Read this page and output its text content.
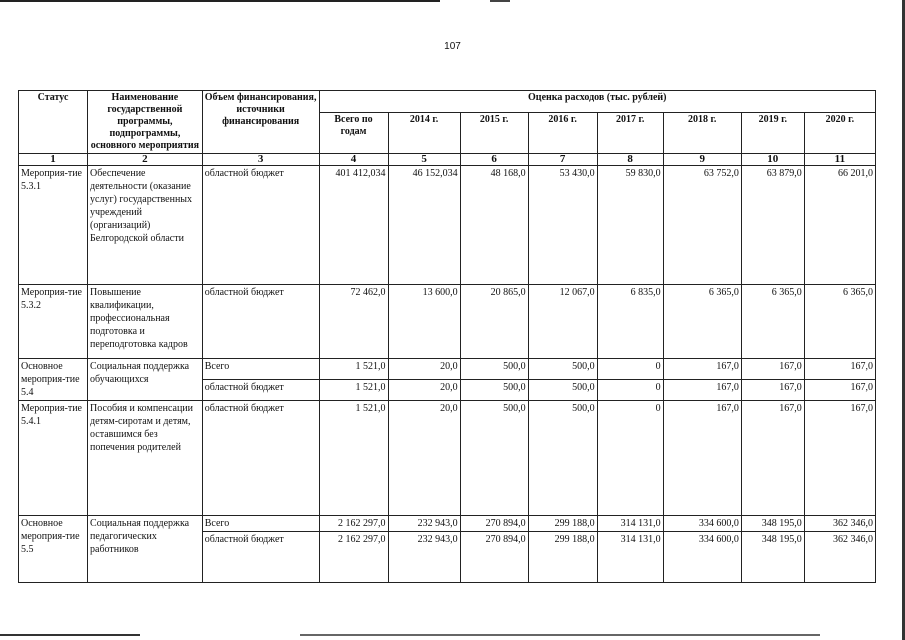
107
Статус	Наименование государственной программы, подпрограммы, основного мероприятия	Объем финансирования, источники финансирования	Оценка расходов (тыс. рублей)							
			Всего по годам	2014 г.	2015 г.	2016 г.	2017 г.	2018 г.	2019 г.	2020 г.
1	2	3	4	5	6	7	8	9	10	11
Мероприя-тие 5.3.1	Обеспечение деятельности (оказание услуг) государственных учреждений (организаций) Белгородской области	областной бюджет	401 412,034	46 152,034	48 168,0	53 430,0	59 830,0	63 752,0	63 879,0	66 201,0
Мероприя-тие 5.3.2	Повышение квалификации, профессиональная подготовка и переподготовка кадров	областной бюджет	72 462,0	13 600,0	20 865,0	12 067,0	6 835,0	6 365,0	6 365,0	6 365,0
Основное мероприя-тие 5.4	Социальная поддержка обучающихся	Всего	1 521,0	20,0	500,0	500,0	0	167,0	167,0	167,0
		областной бюджет	1 521,0	20,0	500,0	500,0	0	167,0	167,0	167,0
Мероприя-тие 5.4.1	Пособия и компенсации детям-сиротам и детям, оставшимся без попечения родителей	областной бюджет	1 521,0	20,0	500,0	500,0	0	167,0	167,0	167,0
Основное мероприя-тие 5.5	Социальная поддержка педагогических работников	Всего	2 162 297,0	232 943,0	270 894,0	299 188,0	314 131,0	334 600,0	348 195,0	362 346,0
		областной бюджет	2 162 297,0	232 943,0	270 894,0	299 188,0	314 131,0	334 600,0	348 195,0	362 346,0
